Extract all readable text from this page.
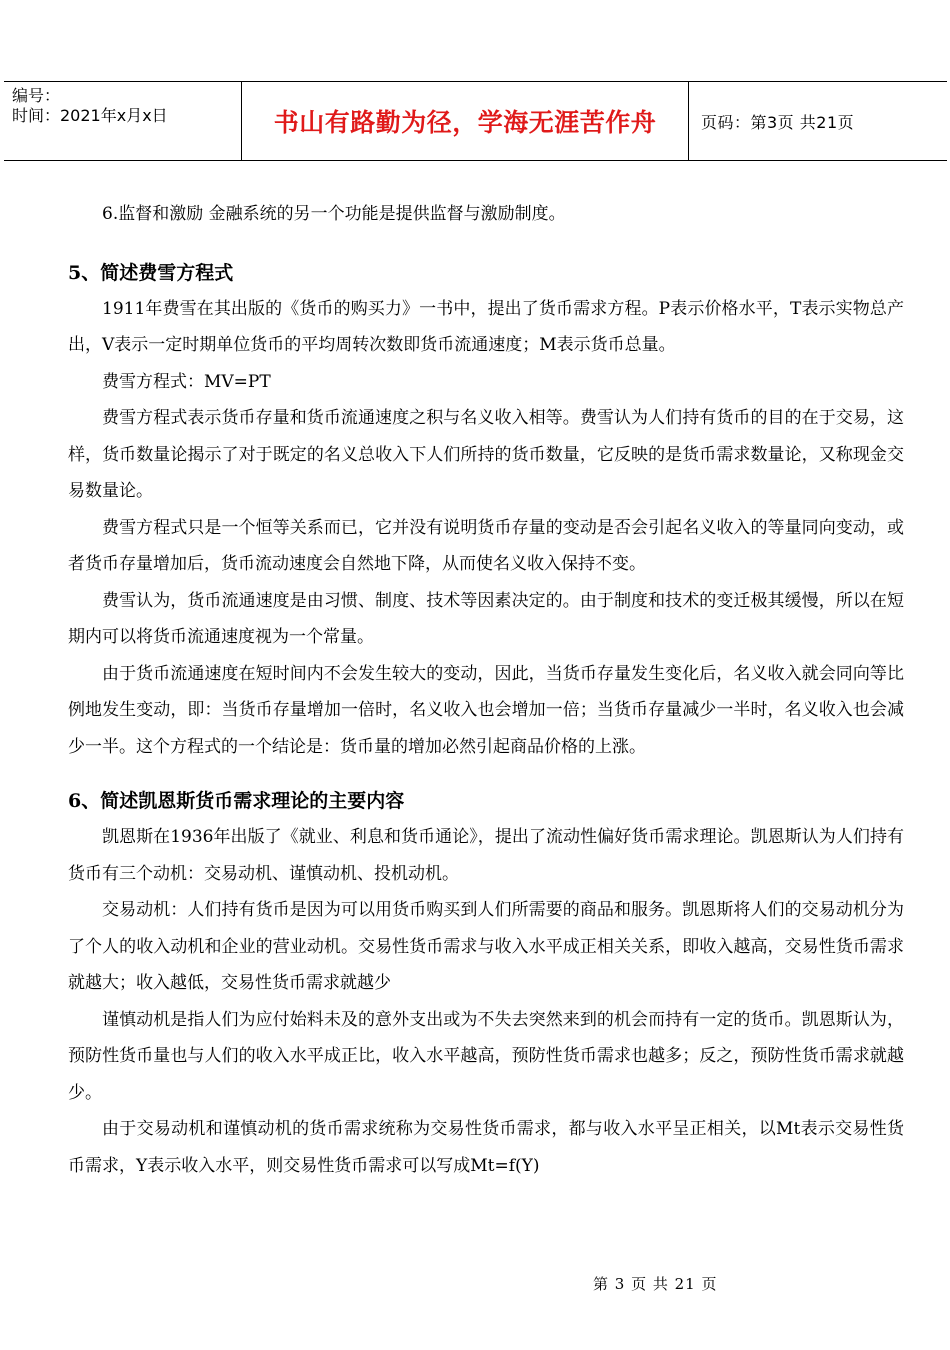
编号：
时间：2021年x月x日	书山有路勤为径，学海无涯苦作舟	页码：第3页 共21页

6.监督和激励 金融系统的另一个功能是提供监督与激励制度。

5、简述费雪方程式

1911年费雪在其出版的《货币的购买力》一书中，提出了货币需求方程。P表示价格水平，T表示实物总产出，V表示一定时期单位货币的平均周转次数即货币流通速度；M表示货币总量。

费雪方程式：MV=PT

费雪方程式表示货币存量和货币流通速度之积与名义收入相等。费雪认为人们持有货币的目的在于交易，这样，货币数量论揭示了对于既定的名义总收入下人们所持的货币数量，它反映的是货币需求数量论，又称现金交易数量论。

费雪方程式只是一个恒等关系而已，它并没有说明货币存量的变动是否会引起名义收入的等量同向变动，或者货币存量增加后，货币流动速度会自然地下降，从而使名义收入保持不变。

费雪认为，货币流通速度是由习惯、制度、技术等因素决定的。由于制度和技术的变迁极其缓慢，所以在短期内可以将货币流通速度视为一个常量。

由于货币流通速度在短时间内不会发生较大的变动，因此，当货币存量发生变化后，名义收入就会同向等比例地发生变动，即：当货币存量增加一倍时，名义收入也会增加一倍；当货币存量减少一半时，名义收入也会减少一半。这个方程式的一个结论是：货币量的增加必然引起商品价格的上涨。

6、简述凯恩斯货币需求理论的主要内容

凯恩斯在1936年出版了《就业、利息和货币通论》，提出了流动性偏好货币需求理论。凯恩斯认为人们持有货币有三个动机：交易动机、谨慎动机、投机动机。

交易动机：人们持有货币是因为可以用货币购买到人们所需要的商品和服务。凯恩斯将人们的交易动机分为了个人的收入动机和企业的营业动机。交易性货币需求与收入水平成正相关关系，即收入越高，交易性货币需求就越大；收入越低，交易性货币需求就越少

谨慎动机是指人们为应付始料未及的意外支出或为不失去突然来到的机会而持有一定的货币。凯恩斯认为，预防性货币量也与人们的收入水平成正比，收入水平越高，预防性货币需求也越多；反之，预防性货币需求就越少。

由于交易动机和谨慎动机的货币需求统称为交易性货币需求，都与收入水平呈正相关，以Mt表示交易性货币需求，Y表示收入水平，则交易性货币需求可以写成Mt=f(Y)

第 3 页 共 21 页
